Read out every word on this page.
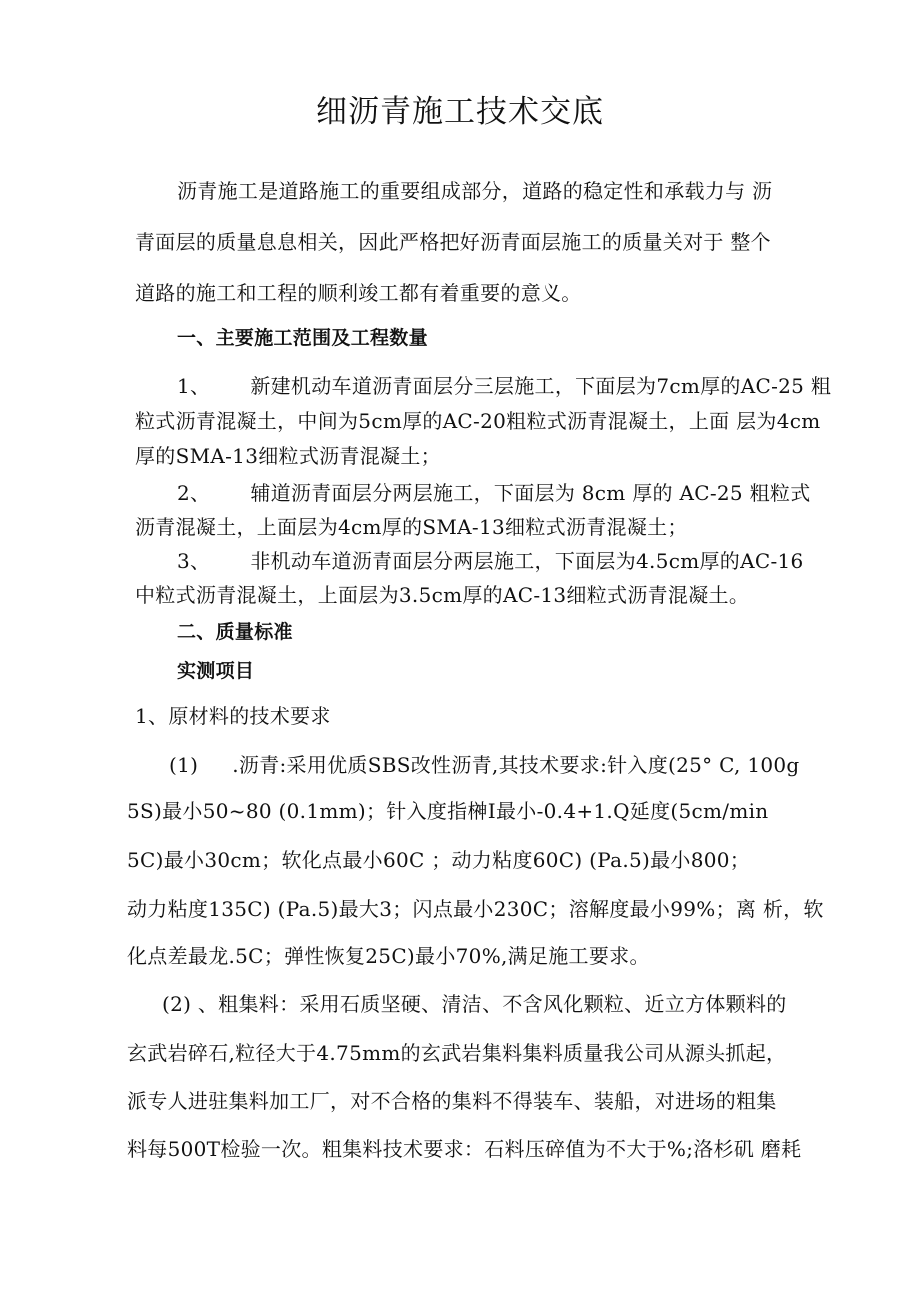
细沥青施工技术交底
沥青施工是道路施工的重要组成部分，道路的稳定性和承载力与 沥
青面层的质量息息相关，因此严格把好沥青面层施工的质量关对于 整个
道路的施工和工程的顺利竣工都有着重要的意义。
一、主要施工范围及工程数量
1、 新建机动车道沥青面层分三层施工，下面层为7cm厚的AC-25 粗
粒式沥青混凝土，中间为5cm厚的AC-20粗粒式沥青混凝土，上面 层为4cm
厚的SMA-13细粒式沥青混凝土；
2、 辅道沥青面层分两层施工，下面层为 8cm 厚的 AC-25 粗粒式
沥青混凝土，上面层为4cm厚的SMA-13细粒式沥青混凝土；
3、 非机动车道沥青面层分两层施工，下面层为4.5cm厚的AC-16
中粒式沥青混凝土，上面层为3.5cm厚的AC-13细粒式沥青混凝土。
二、质量标准
实测项目
1、原材料的技术要求
(1) .沥青:采用优质SBS改性沥青,其技术要求:针入度(25° C, 100g
5S)最小50~80 (0.1mm)；针入度指榊I最小-0.4+1.Q延度(5cm/min
5C)最小30cm；软化点最小60C ；动力粘度60C) (Pa.5)最小800；
动力粘度135C) (Pa.5)最大3；闪点最小230C；溶解度最小99%；离 析，软
化点差最龙.5C；弹性恢复25C)最小70%,满足施工要求。
(2) 、粗集料：采用石质坚硬、清洁、不含风化颗粒、近立方体颗料的
玄武岩碎石,粒径大于4.75mm的玄武岩集料集料质量我公司从源头抓起，
派专人进驻集料加工厂，对不合格的集料不得装车、装船，对进场的粗集
料每500T检验一次。粗集料技术要求：石料压碎值为不大于%;洛杉矶 磨耗
